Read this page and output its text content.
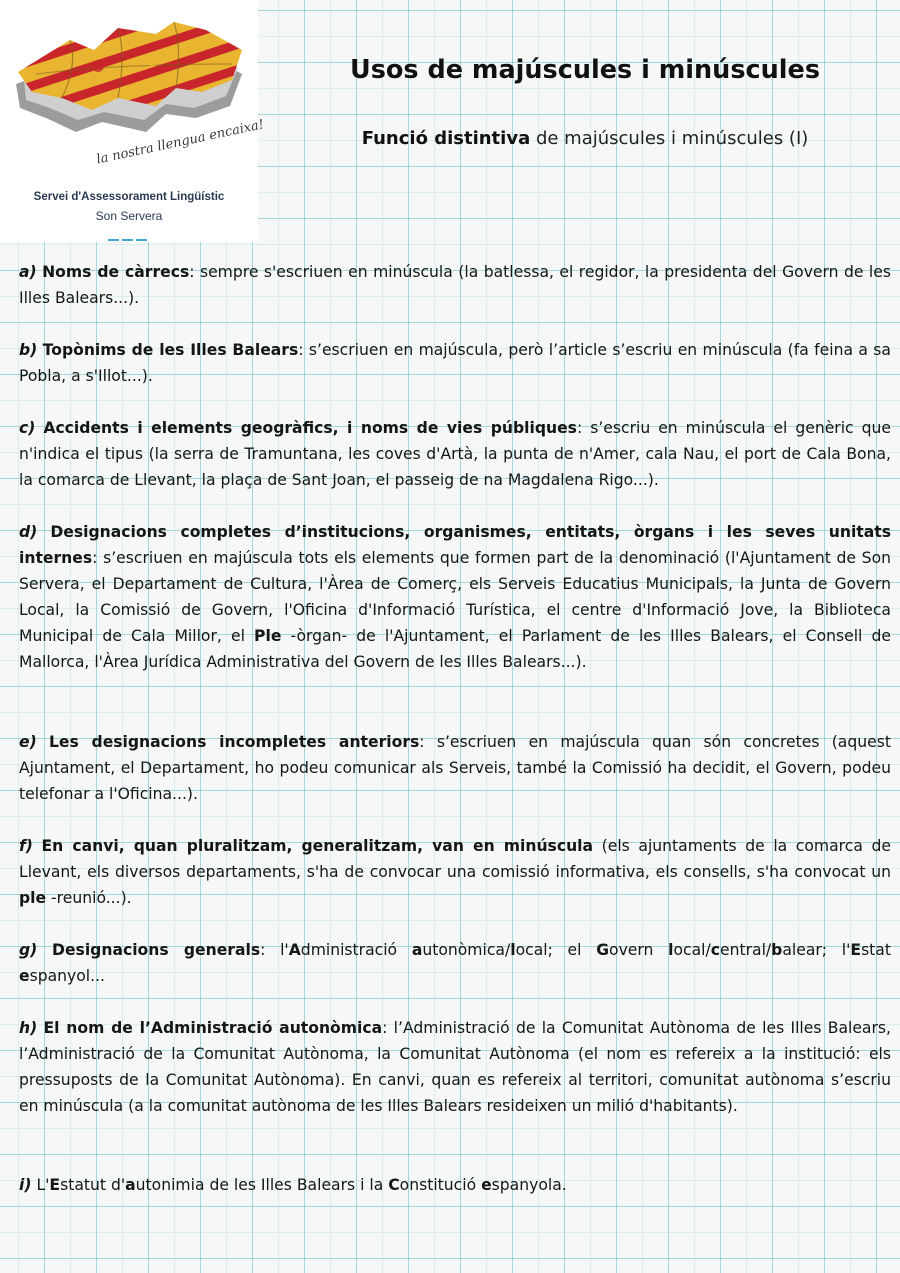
la nostra llengua encaixa!
Servei d'Assessorament Lingüístic
Son Servera
Usos de majúscules i minúscules
Funció distintiva de majúscules i minúscules (I)

a) Noms de càrrecs: sempre s'escriuen en minúscula (la batlessa, el regidor, la presidenta del Govern de les Illes Balears...).

b) Topònims de les Illes Balears: s’escriuen en majúscula, però l’article s’escriu en minúscula (fa feina a sa Pobla, a s'Illot...).

c) Accidents i elements geogràfics, i noms de vies públiques: s’escriu en minúscula el genèric que n'indica el tipus (la serra de Tramuntana, les coves d'Artà, la punta de n'Amer, cala Nau, el port de Cala Bona, la comarca de Llevant, la plaça de Sant Joan, el passeig de na Magdalena Rigo...).

d) Designacions completes d’institucions, organismes, entitats, òrgans i les seves unitats internes: s’escriuen en majúscula tots els elements que formen part de la denominació (l'Ajuntament de Son Servera, el Departament de Cultura, l'Àrea de Comerç, els Serveis Educatius Municipals, la Junta de Govern Local, la Comissió de Govern, l'Oficina d'Informació Turística, el centre d'Informació Jove, la Biblioteca Municipal de Cala Millor, el Ple -òrgan- de l'Ajuntament, el Parlament de les Illes Balears, el Consell de Mallorca, l'Àrea Jurídica Administrativa del Govern de les Illes Balears...).

e) Les designacions incompletes anteriors: s’escriuen en majúscula quan són concretes (aquest Ajuntament, el Departament, ho podeu comunicar als Serveis, també la Comissió ha decidit, el Govern, podeu telefonar a l'Oficina...).

f) En canvi, quan pluralitzam, generalitzam, van en minúscula (els ajuntaments de la comarca de Llevant, els diversos departaments, s'ha de convocar una comissió informativa, els consells, s'ha convocat un ple -reunió...).

g) Designacions generals: l'Administració autonòmica/local; el Govern local/central/balear; l'Estat espanyol...

h) El nom de l’Administració autonòmica: l’Administració de la Comunitat Autònoma de les Illes Balears, l’Administració de la Comunitat Autònoma, la Comunitat Autònoma (el nom es refereix a la institució: els pressuposts de la Comunitat Autònoma). En canvi, quan es refereix al territori, comunitat autònoma s’escriu en minúscula (a la comunitat autònoma de les Illes Balears resideixen un milió d'habitants).

i) L'Estatut d'autonimia de les Illes Balears i la Constitució espanyola.
